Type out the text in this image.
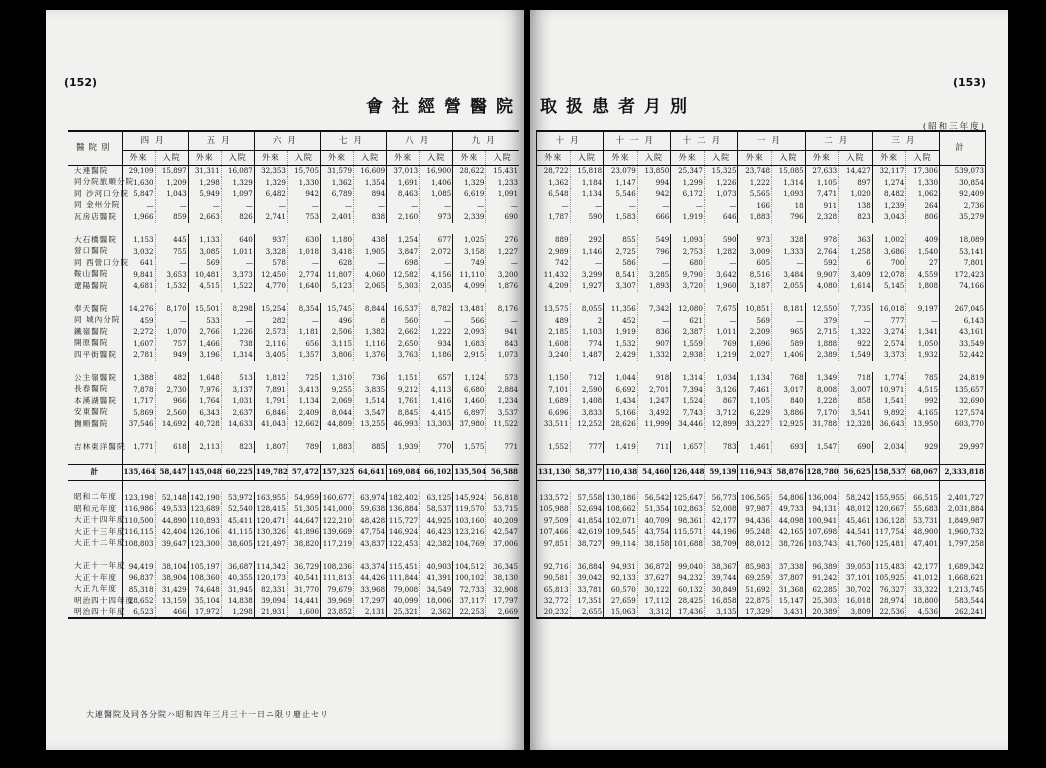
(152)
會社經營醫院
醫院別	四月		五月		六月		七月		八月		九月	
	外來	入院	外來	入院	外來	入院	外來	入院	外來	入院	外來	入院
大連醫院	29,109	15,897	31,311	16,087	32,353	15,705	31,579	16,609	37,013	16,900	28,622	15,431
同分院旅順分院	1,630	1,209	1,298	1,329	1,329	1,330	1,362	1,354	1,691	1,406	1,329	1,233
同 沙河口分院	5,847	1,043	5,949	1,097	6,482	942	6,789	894	8,463	1,085	6,619	1,091
同 金州分院	—	—	—	—	—	—	—	—	—	—	—	—
瓦房店醫院	1,966	859	2,663	826	2,741	753	2,401	838	2,160	973	2,339	690

大石橋醫院	1,153	445	1,133	640	937	630	1,180	438	1,254	677	1,025	276
營口醫院	3,032	755	3,085	1,011	3,328	1,018	3,418	1,905	3,847	2,072	3,158	1,227
同 西營口分院	641	—	569	—	578	—	628	—	698	—	749	—
鞍山醫院	9,841	3,653	10,481	3,373	12,450	2,774	11,807	4,060	12,582	4,156	11,110	3,200
遼陽醫院	4,681	1,532	4,515	1,522	4,770	1,640	5,123	2,065	5,303	2,035	4,099	1,876

奉天醫院	14,276	8,170	15,501	8,298	15,254	8,354	15,745	8,844	16,537	8,782	13,481	8,176
同 城內分院	459	—	533	—	282	—	496	8	560	—	566	—
鐵嶺醫院	2,272	1,070	2,766	1,226	2,573	1,181	2,506	1,382	2,662	1,222	2,093	941
開原醫院	1,607	757	1,466	738	2,116	656	3,115	1,116	2,650	934	1,683	843
四平街醫院	2,781	949	3,196	1,314	3,405	1,357	3,806	1,376	3,763	1,186	2,915	1,073

公主嶺醫院	1,388	482	1,648	513	1,812	725	1,310	736	1,151	657	1,124	573
長春醫院	7,878	2,730	7,976	3,137	7,891	3,413	9,255	3,835	9,212	4,113	6,680	2,884
本溪湖醫院	1,717	966	1,764	1,031	1,791	1,134	2,069	1,514	1,761	1,416	1,460	1,234
安東醫院	5,869	2,560	6,343	2,637	6,846	2,409	8,044	3,547	8,845	4,415	6,897	3,537
撫順醫院	37,546	14,692	40,728	14,633	41,043	12,662	44,809	13,255	46,993	13,303	37,980	11,522

吉林東洋醫院	1,771	618	2,113	823	1,807	789	1,883	885	1,939	770	1,575	771

計	135,464	58,447	145,048	60,225	149,782	57,472	157,325	64,641	169,084	66,102	135,504	56,588

昭和二年度	123,198	52,148	142,190	53,972	163,955	54,959	160,677	63,974	182,402	63,125	145,924	56,818
昭和元年度	116,986	49,533	123,689	52,540	128,415	51,305	141,000	59,638	136,884	58,537	119,570	53,715
大正十四年度	110,500	44,890	110,893	45,411	120,471	44,647	122,210	48,428	115,727	44,925	103,160	40,209
大正十三年度	116,115	42,404	126,106	41,115	130,326	41,896	139,669	47,754	146,924	46,423	123,216	42,547
大正十二年度	108,803	39,647	123,300	38,605	121,497	38,820	117,219	43,837	122,453	42,382	104,769	37,006

大正十一年度	94,419	38,104	105,197	36,687	114,342	36,729	108,236	43,374	115,451	40,903	104,512	36,345
大正十年度	96,837	38,904	108,360	40,355	120,173	40,541	111,813	44,426	111,844	41,391	100,102	38,130
大正九年度	85,318	31,429	74,648	31,945	82,331	31,770	79,679	33,968	79,008	34,549	72,733	32,908
明治四十四年度	28,652	13,159	35,104	14,838	39,094	14,441	39,969	17,297	40,099	18,006	37,117	17,797
明治四十年度	6,523	466	17,972	1,298	21,931	1,600	23,852	2,131	25,321	2,362	22,253	2,669
大連醫院及同各分院ハ昭和四年三月三十一日ニ限リ廢止セリ
(153)
取扱患者月別
(昭和三年度)
十月		十一月		十二月		一月		二月		三月		計
外來	入院	外來	入院	外來	入院	外來	入院	外來	入院	外來	入院	
28,722	15,818	23,079	13,850	25,347	15,325	23,748	15,085	27,633	14,427	32,117	17,306	539,073
1,362	1,184	1,147	994	1,299	1,226	1,222	1,314	1,105	897	1,274	1,330	30,854
6,548	1,134	5,546	942	6,172	1,073	5,565	1,093	7,471	1,020	8,482	1,062	92,409
—	—	—	—	—	—	166	18	911	138	1,239	264	2,736
1,787	590	1,583	666	1,919	646	1,883	796	2,328	823	3,043	806	35,279

889	292	855	549	1,093	590	973	328	978	363	1,002	409	18,089
2,989	1,146	2,725	796	2,753	1,282	3,009	1,333	2,764	1,258	3,686	1,540	53,141
742	—	586	—	680	—	605	—	592	6	700	27	7,801
11,432	3,299	8,541	3,285	9,790	3,642	8,516	3,484	9,907	3,409	12,078	4,559	172,423
4,209	1,927	3,307	1,893	3,720	1,960	3,187	2,055	4,080	1,614	5,145	1,808	74,166

13,575	8,055	11,356	7,342	12,080	7,675	10,851	8,181	12,550	7,735	16,018	9,197	267,045
489	2	452	—	621	—	569	—	379	—	777	—	6,143
2,185	1,103	1,919	836	2,387	1,011	2,209	965	2,715	1,322	3,274	1,341	43,161
1,608	774	1,532	907	1,559	769	1,696	589	1,888	922	2,574	1,050	33,549
3,240	1,487	2,429	1,332	2,938	1,219	2,027	1,406	2,389	1,549	3,373	1,932	52,442

1,150	712	1,044	918	1,314	1,034	1,134	768	1,349	718	1,774	785	24,819
7,101	2,590	6,692	2,701	7,394	3,126	7,461	3,017	8,008	3,007	10,971	4,515	135,657
1,689	1,408	1,434	1,247	1,524	867	1,105	840	1,228	858	1,541	992	32,690
6,696	3,833	5,166	3,492	7,743	3,712	6,229	3,886	7,170	3,541	9,892	4,165	127,574
33,511	12,252	28,626	11,999	34,446	12,899	33,227	12,925	31,788	12,328	36,643	13,950	603,770

1,552	777	1,419	711	1,657	783	1,461	693	1,547	690	2,034	929	29,997

131,130	58,377	110,438	54,460	126,448	59,139	116,943	58,876	128,780	56,625	158,537	68,067	2,333,818

133,572	57,558	130,186	56,542	125,647	56,773	106,565	54,806	136,004	58,242	155,955	66,515	2,401,727
105,988	52,694	108,662	51,354	102,863	52,008	97,987	49,733	94,131	48,012	120,667	55,683	2,031,884
97,509	41,854	102,071	40,709	98,361	42,177	94,436	44,098	100,941	45,461	136,128	53,731	1,849,987
107,466	42,619	109,545	43,754	115,571	44,196	95,248	42,165	107,698	44,541	117,754	48,900	1,960,732
97,851	38,727	99,114	38,158	101,688	38,709	88,012	38,726	103,743	41,760	125,481	47,401	1,797,258

92,716	36,884	94,931	36,872	99,040	38,367	85,983	37,338	96,389	39,053	115,483	42,177	1,689,342
90,581	39,042	92,133	37,627	94,232	39,744	69,259	37,807	91,242	37,101	105,925	41,012	1,668,621
65,813	33,781	60,570	30,122	60,132	30,849	51,692	31,368	62,285	30,702	76,327	33,322	1,213,745
32,772	17,351	27,659	17,112	28,425	16,858	22,875	15,147	25,303	16,018	28,974	18,800	583,544
20,232	2,655	15,063	3,312	17,436	3,135	17,329	3,431	20,389	3,809	22,536	4,536	262,241
